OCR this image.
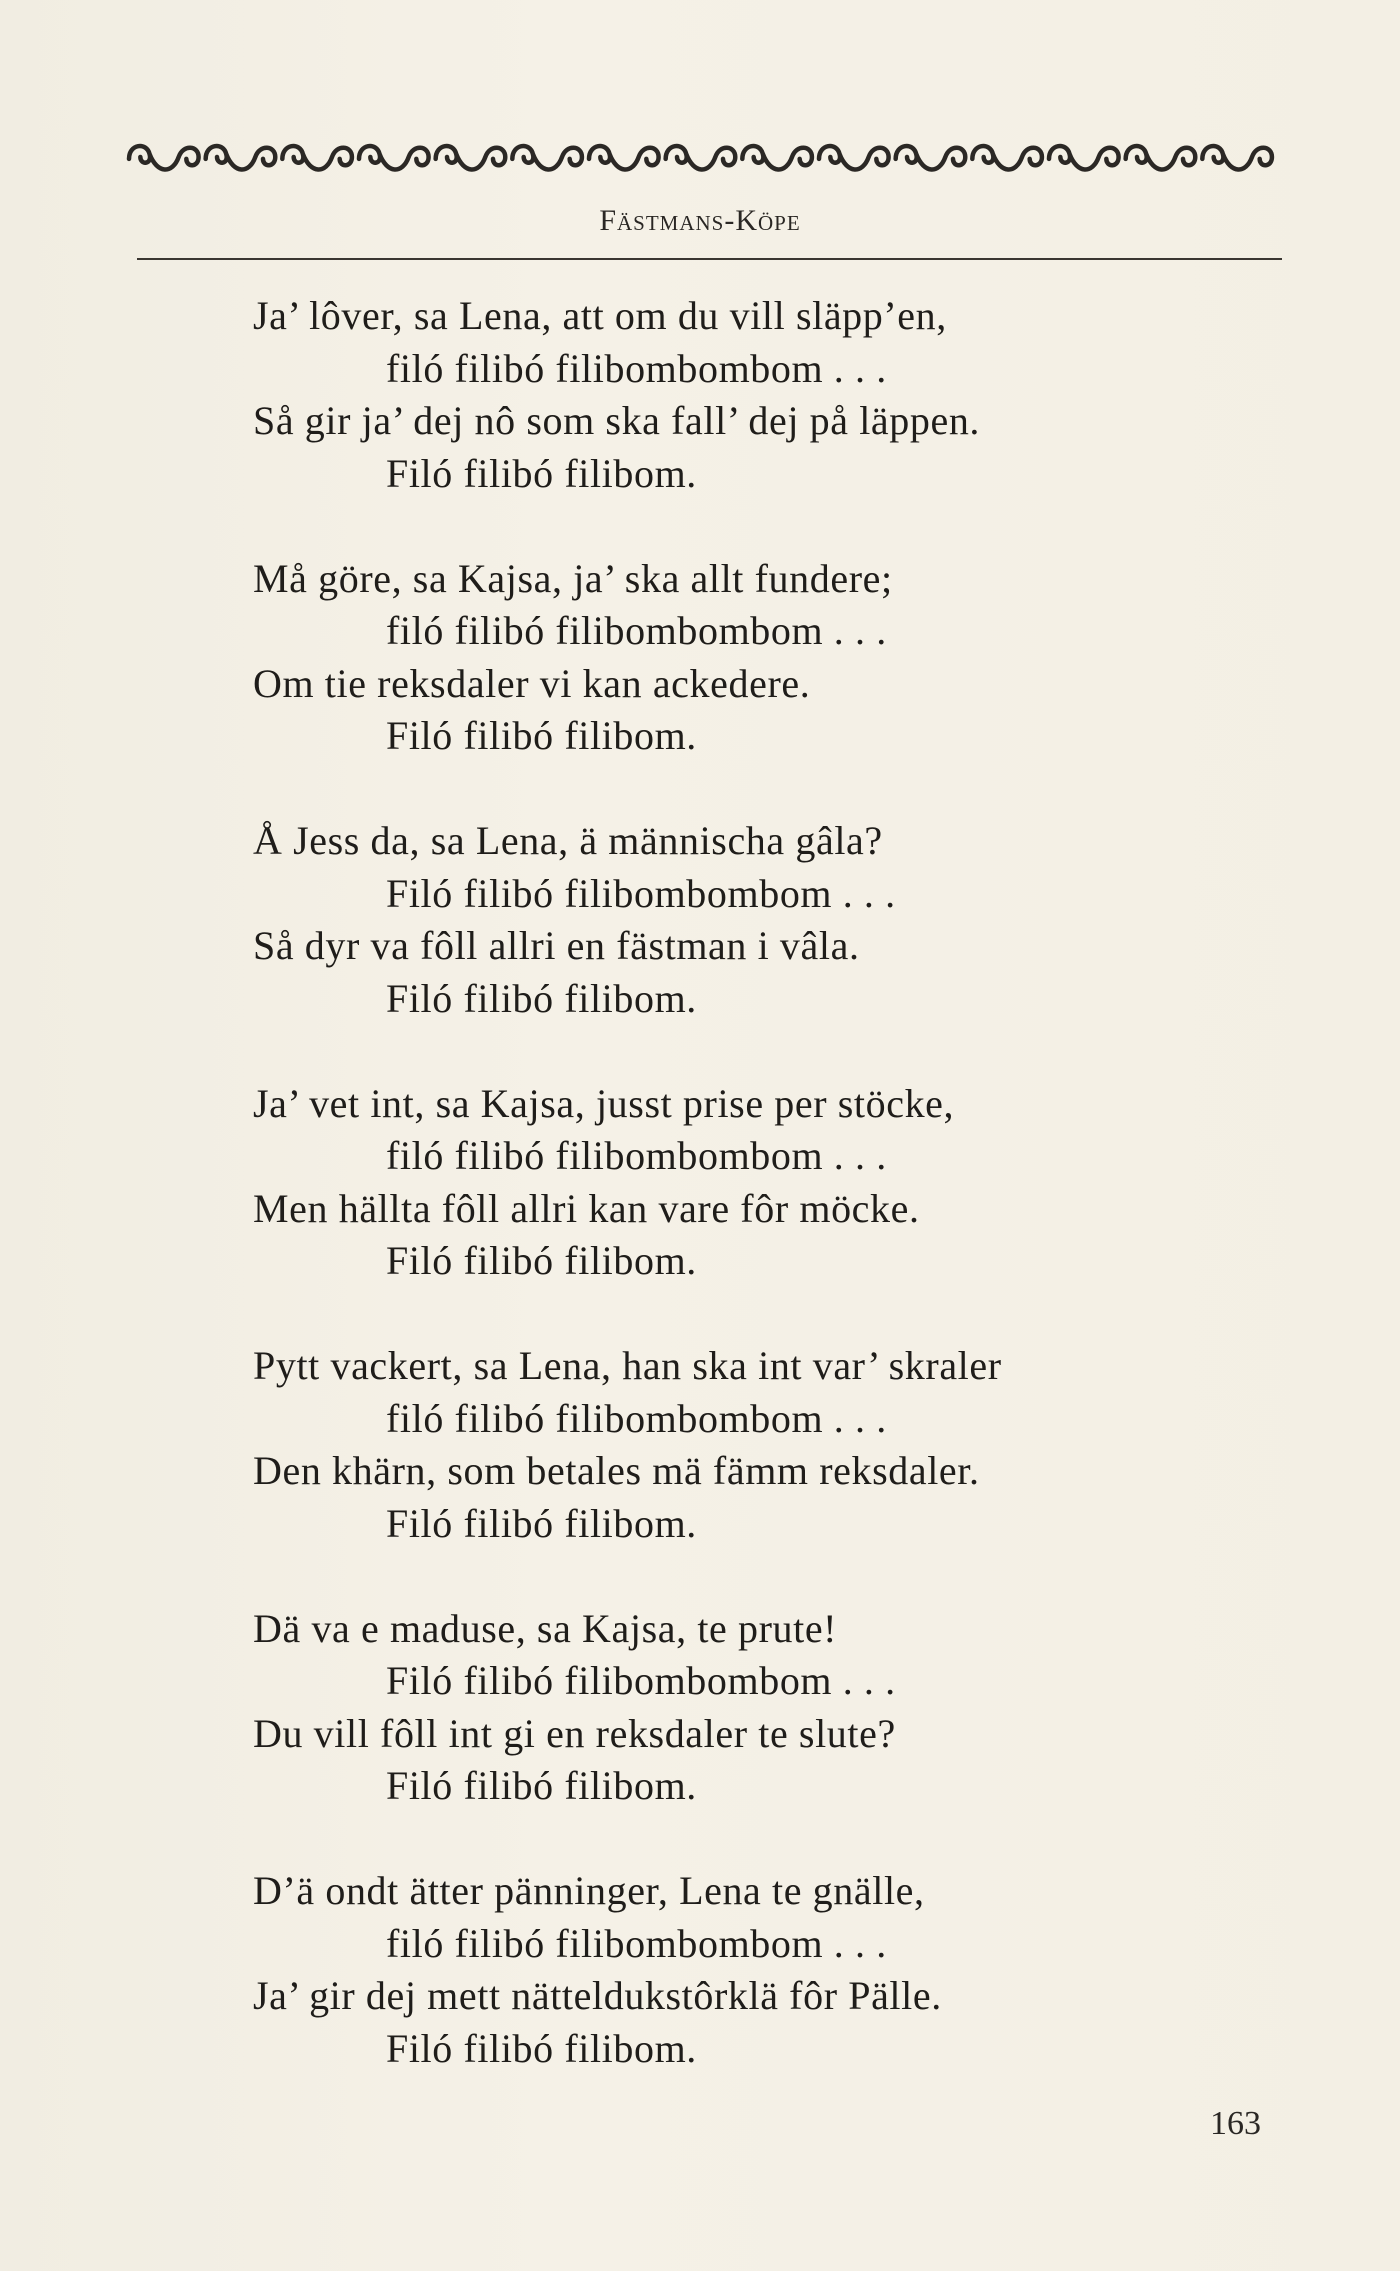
Fästmans-Köpe
Ja’ lôver, sa Lena, att om du vill släpp’en,
filó filibó filibombombom . . .
Så gir ja’ dej nô som ska fall’ dej på läppen.
Filó filibó filibom.
Må göre, sa Kajsa, ja’ ska allt fundere;
filó filibó filibombombom . . .
Om tie reksdaler vi kan ackedere.
Filó filibó filibom.
Å Jess da, sa Lena, ä männischa gâla?
Filó filibó filibombombom . . .
Så dyr va fôll allri en fästman i vâla.
Filó filibó filibom.
Ja’ vet int, sa Kajsa, jusst prise per stöcke,
filó filibó filibombombom . . .
Men hällta fôll allri kan vare fôr möcke.
Filó filibó filibom.
Pytt vackert, sa Lena, han ska int var’ skraler
filó filibó filibombombom . . .
Den khärn, som betales mä fämm reksdaler.
Filó filibó filibom.
Dä va e maduse, sa Kajsa, te prute!
Filó filibó filibombombom . . .
Du vill fôll int gi en reksdaler te slute?
Filó filibó filibom.
D’ä ondt ätter pänninger, Lena te gnälle,
filó filibó filibombombom . . .
Ja’ gir dej mett nätteldukstôrklä fôr Pälle.
Filó filibó filibom.
163
